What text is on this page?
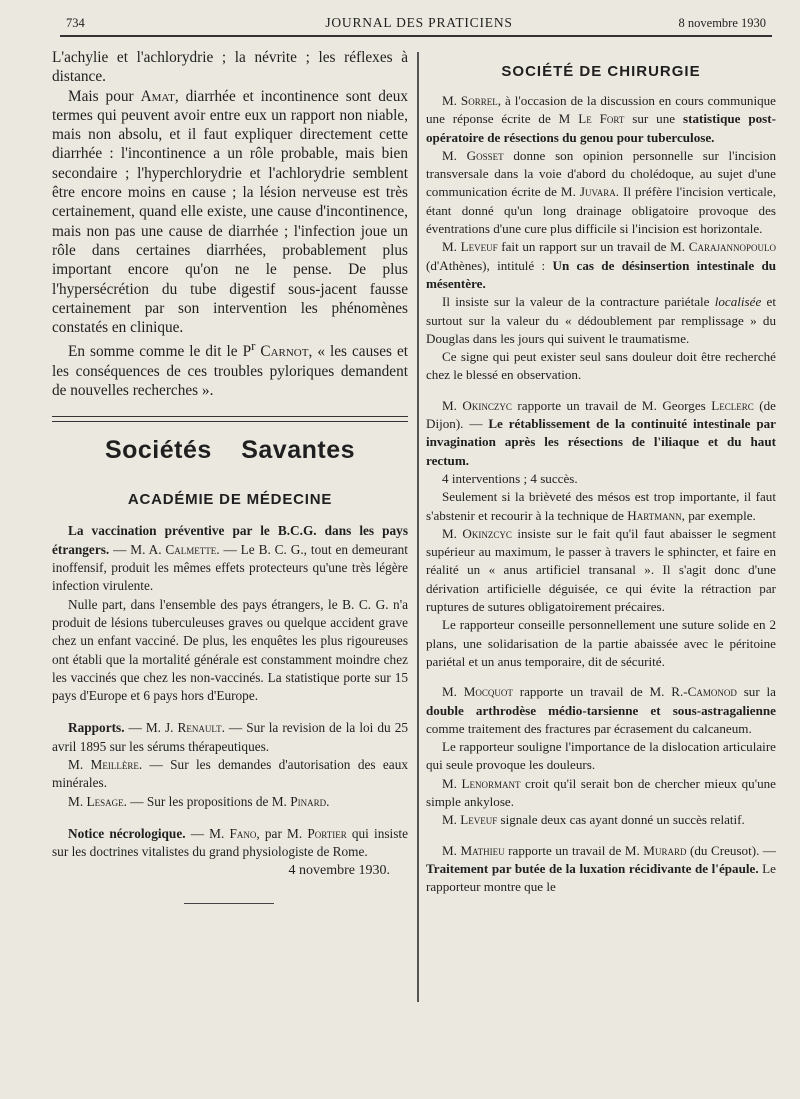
734	JOURNAL DES PRATICIENS	8 novembre 1930

L'achylie et l'achlorydrie ; la névrite ; les réflexes à distance.

Mais pour Amat, diarrhée et incontinence sont deux termes qui peuvent avoir entre eux un rapport non niable, mais non absolu, et il faut expliquer directement cette diarrhée : l'incontinence a un rôle probable, mais bien secondaire ; l'hyperchlorydrie et l'achlorydrie semblent être encore moins en cause ; la lésion nerveuse est très certainement, quand elle existe, une cause d'incontinence, mais non pas une cause de diarrhée ; l'infection joue un rôle dans certaines diarrhées, probablement plus important encore qu'on ne le pense. De plus l'hypersécrétion du tube digestif sous-jacent fausse certainement par son intervention les phénomènes constatés en clinique.

En somme comme le dit le $P^r$ Carnot, « les causes et les conséquences de ces troubles pyloriques demandent de nouvelles recherches ».

Sociétés Savantes
ACADÉMIE DE MÉDECINE

La vaccination préventive par le B.C.G. dans les pays étrangers. — M. A. Calmette. — Le B. C. G., tout en demeurant inoffensif, produit les mêmes effets protecteurs qu'une très légère infection virulente.

Nulle part, dans l'ensemble des pays étrangers, le B. C. G. n'a produit de lésions tuberculeuses graves ou quelque accident grave chez un enfant vacciné. De plus, les enquêtes les plus rigoureuses ont établi que la mortalité générale est constamment moindre chez les vaccinés que chez les non-vaccinés. La statistique porte sur 15 pays d'Europe et 6 pays hors d'Europe.

Rapports. — M. J. Renault. — Sur la revision de la loi du 25 avril 1895 sur les sérums thérapeutiques.

M. Meillère. — Sur les demandes d'autorisation des eaux minérales.

M. Lesage. — Sur les propositions de M. Pinard.

Notice nécrologique. — M. Fano, par M. Portier qui insiste sur les doctrines vitalistes du grand physiologiste de Rome.

4 novembre 1930.
SOCIÉTÉ DE CHIRURGIE

M. Sorrel, à l'occasion de la discussion en cours communique une réponse écrite de M Le Fort sur une statistique post-opératoire de résections du genou pour tuberculose.

M. Gosset donne son opinion personnelle sur l'incision transversale dans la voie d'abord du cholédoque, au sujet d'une communication écrite de M. Juvara. Il préfère l'incision verticale, étant donné qu'un long drainage obligatoire provoque des éventrations d'une cure plus difficile si l'incision est horizontale.

M. Leveuf fait un rapport sur un travail de M. Carajannopoulo (d'Athènes), intitulé : Un cas de désinsertion intestinale du mésentère.

Il insiste sur la valeur de la contracture pariétale localisée et surtout sur la valeur du « dédoublement par remplissage » du Douglas dans les jours qui suivent le traumatisme.

Ce signe qui peut exister seul sans douleur doit être recherché chez le blessé en observation.

M. Okinczyc rapporte un travail de M. Georges Leclerc (de Dijon). — Le rétablissement de la continuité intestinale par invagination après les résections de l'iliaque et du haut rectum.

4 interventions ; 4 succès.

Seulement si la brièveté des mésos est trop importante, il faut s'abstenir et recourir à la technique de Hartmann, par exemple.

M. Okinzcyc insiste sur le fait qu'il faut abaisser le segment supérieur au maximum, le passer à travers le sphincter, et faire en réalité un « anus artificiel transanal ». Il s'agit donc d'une dérivation artificielle déguisée, ce qui évite la rétraction par ruptures de sutures obligatoirement précaires.

Le rapporteur conseille personnellement une suture solide en 2 plans, une solidarisation de la partie abaissée avec le péritoine pariétal et un anus temporaire, dit de sécurité.

M. Mocquot rapporte un travail de M. R.-Camonod sur la double arthrodèse médio-tarsienne et sous-astragalienne comme traitement des fractures par écrasement du calcaneum.

Le rapporteur souligne l'importance de la dislocation articulaire qui seule provoque les douleurs.

M. Lenormant croit qu'il serait bon de chercher mieux qu'une simple ankylose.

M. Leveuf signale deux cas ayant donné un succès relatif.

M. Mathieu rapporte un travail de M. Murard (du Creusot). — Traitement par butée de la luxation récidivante de l'épaule. Le rapporteur montre que le
